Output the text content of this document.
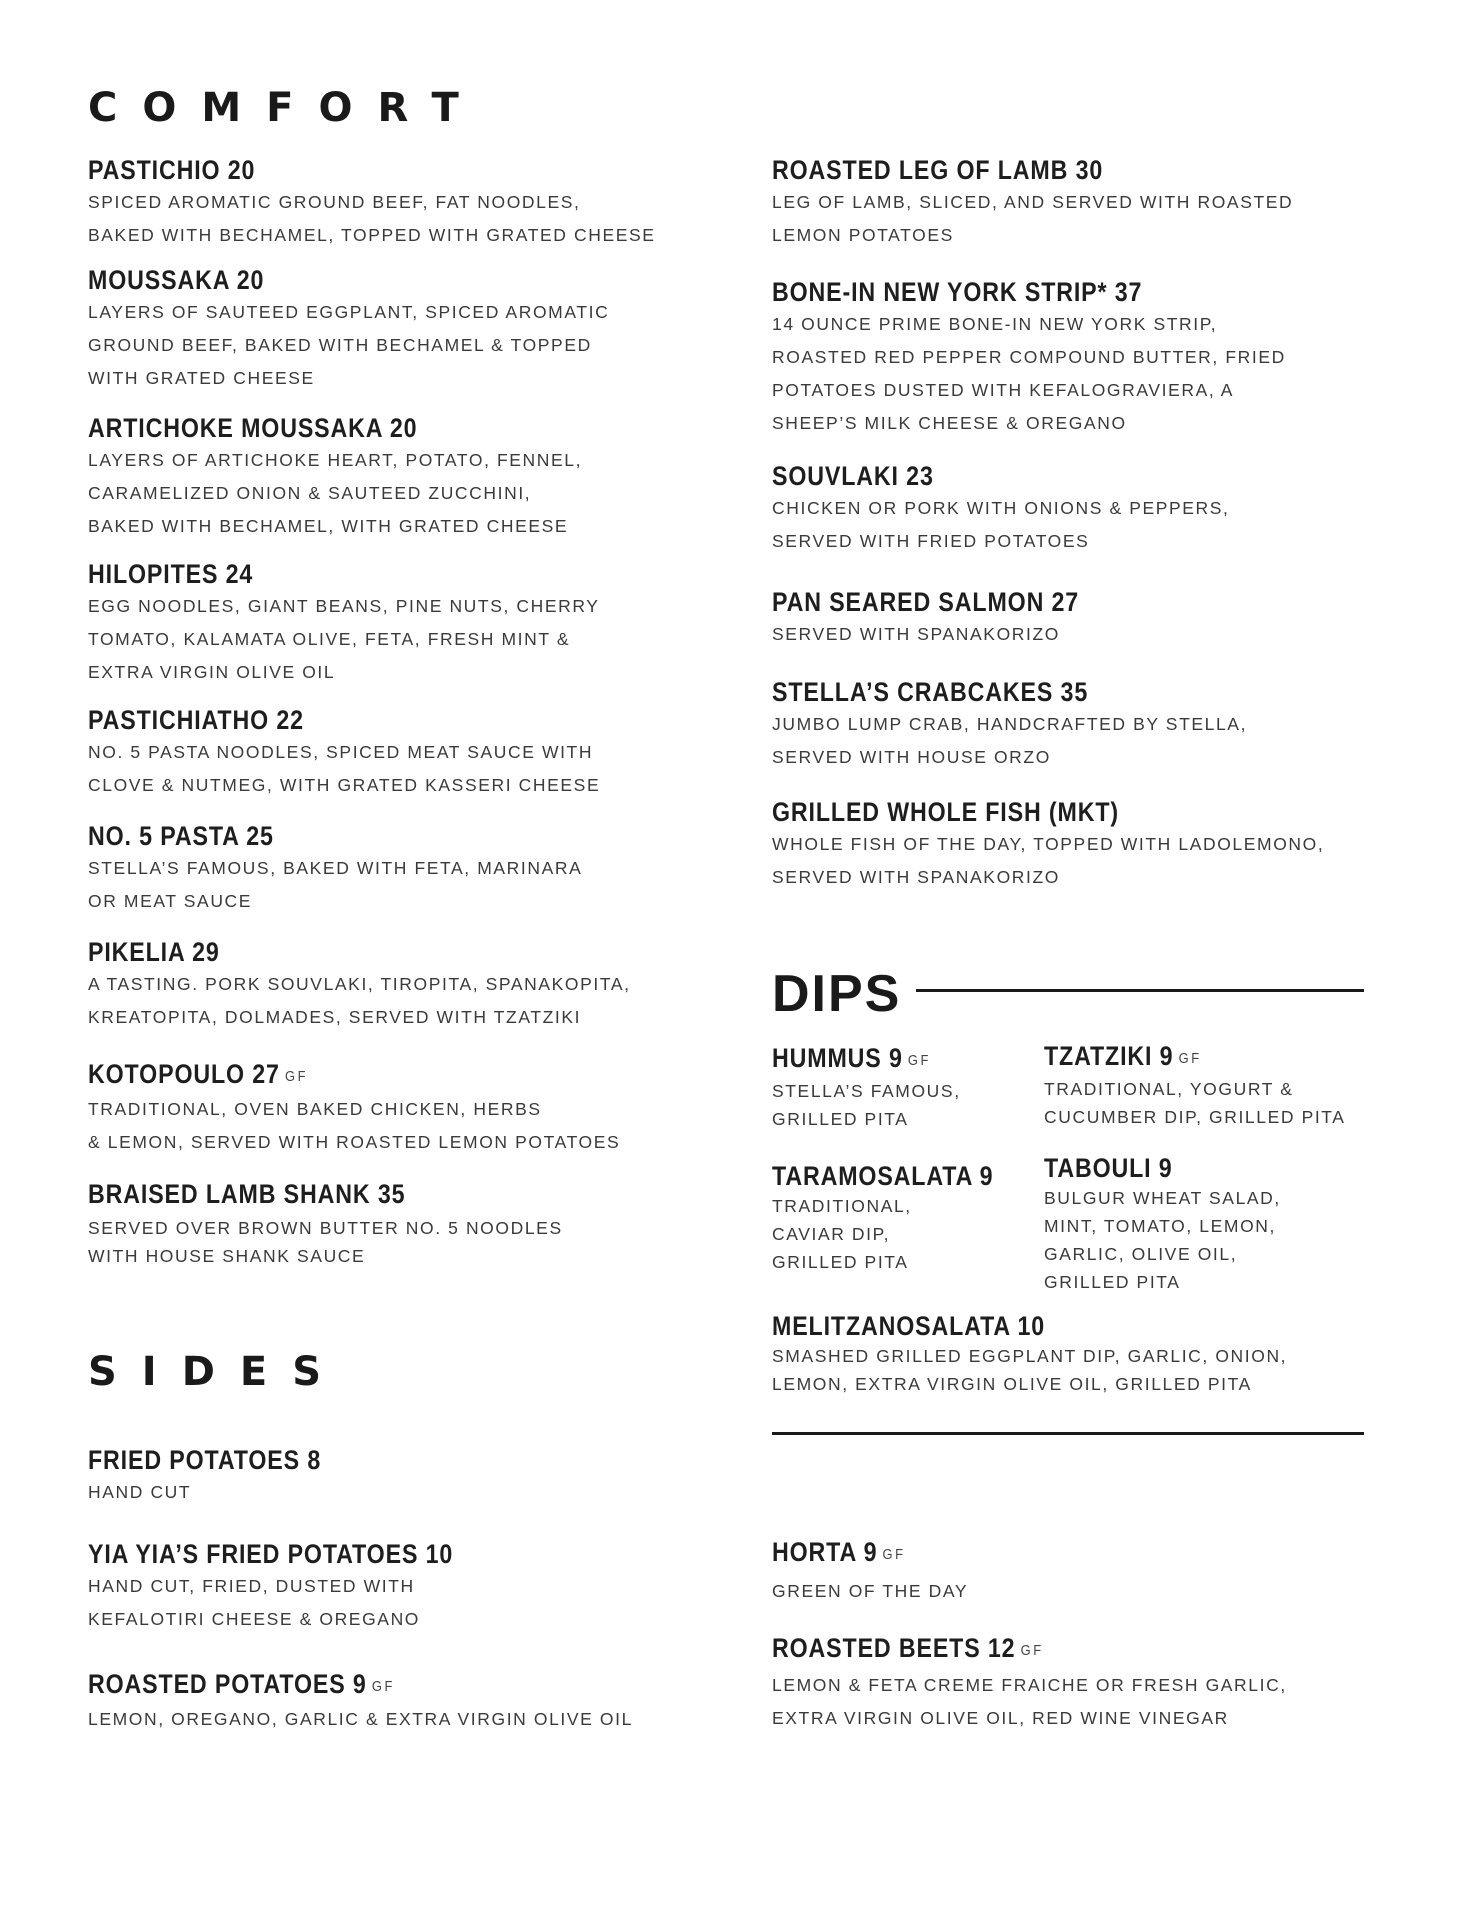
COMFORT
SIDES
DIPS
PASTICHIO 20
SPICED AROMATIC GROUND BEEF, FAT NOODLES,
BAKED WITH BECHAMEL, TOPPED WITH GRATED CHEESE
MOUSSAKA 20
LAYERS OF SAUTEED EGGPLANT, SPICED AROMATIC
GROUND BEEF, BAKED WITH BECHAMEL & TOPPED
WITH GRATED CHEESE
ARTICHOKE MOUSSAKA 20
LAYERS OF ARTICHOKE HEART, POTATO, FENNEL,
CARAMELIZED ONION & SAUTEED ZUCCHINI,
BAKED WITH BECHAMEL, WITH GRATED CHEESE
HILOPITES 24
EGG NOODLES, GIANT BEANS, PINE NUTS, CHERRY
TOMATO, KALAMATA OLIVE, FETA, FRESH MINT &
EXTRA VIRGIN OLIVE OIL
PASTICHIATHO 22
NO. 5 PASTA NOODLES, SPICED MEAT SAUCE WITH
CLOVE & NUTMEG, WITH GRATED KASSERI CHEESE
NO. 5 PASTA 25
STELLA’S FAMOUS, BAKED WITH FETA, MARINARA
OR MEAT SAUCE
PIKELIA 29
A TASTING. PORK SOUVLAKI, TIROPITA, SPANAKOPITA,
KREATOPITA, DOLMADES, SERVED WITH TZATZIKI
KOTOPOULO 27 GF
TRADITIONAL, OVEN BAKED CHICKEN, HERBS
& LEMON, SERVED WITH ROASTED LEMON POTATOES
BRAISED LAMB SHANK 35
SERVED OVER BROWN BUTTER NO. 5 NOODLES
WITH HOUSE SHANK SAUCE
ROASTED LEG OF LAMB 30
LEG OF LAMB, SLICED, AND SERVED WITH ROASTED
LEMON POTATOES
BONE-IN NEW YORK STRIP* 37
14 OUNCE PRIME BONE-IN NEW YORK STRIP,
ROASTED RED PEPPER COMPOUND BUTTER, FRIED
POTATOES DUSTED WITH KEFALOGRAVIERA, A
SHEEP’S MILK CHEESE & OREGANO
SOUVLAKI 23
CHICKEN OR PORK WITH ONIONS & PEPPERS,
SERVED WITH FRIED POTATOES
PAN SEARED SALMON 27
SERVED WITH SPANAKORIZO
STELLA’S CRABCAKES 35
JUMBO LUMP CRAB, HANDCRAFTED BY STELLA,
SERVED WITH HOUSE ORZO
GRILLED WHOLE FISH (MKT)
WHOLE FISH OF THE DAY, TOPPED WITH LADOLEMONO,
SERVED WITH SPANAKORIZO
HUMMUS 9 GF
STELLA’S FAMOUS,
GRILLED PITA
TZATZIKI 9 GF
TRADITIONAL, YOGURT &
CUCUMBER DIP, GRILLED PITA
TARAMOSALATA 9
TRADITIONAL,
CAVIAR DIP,
GRILLED PITA
TABOULI 9
BULGUR WHEAT SALAD,
MINT, TOMATO, LEMON,
GARLIC, OLIVE OIL,
GRILLED PITA
MELITZANOSALATA 10
SMASHED GRILLED EGGPLANT DIP, GARLIC, ONION,
LEMON, EXTRA VIRGIN OLIVE OIL, GRILLED PITA
FRIED POTATOES 8
HAND CUT
YIA YIA’S FRIED POTATOES 10
HAND CUT, FRIED, DUSTED WITH
KEFALOTIRI CHEESE & OREGANO
ROASTED POTATOES 9 GF
LEMON, OREGANO, GARLIC & EXTRA VIRGIN OLIVE OIL
HORTA 9 GF
GREEN OF THE DAY
ROASTED BEETS 12 GF
LEMON & FETA CREME FRAICHE OR FRESH GARLIC,
EXTRA VIRGIN OLIVE OIL, RED WINE VINEGAR
